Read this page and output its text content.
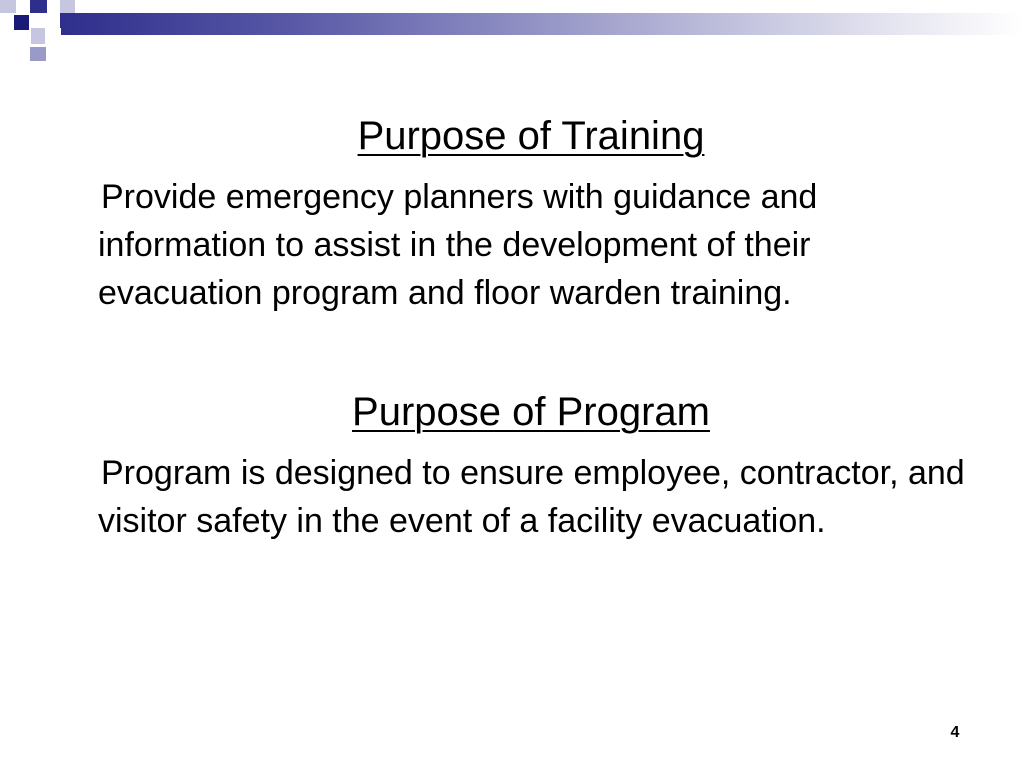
Purpose of Training

Provide emergency planners with guidance and information to assist in the development of their evacuation program and floor warden training.

Purpose of Program

Program is designed to ensure employee, contractor, and visitor safety in the event of a facility evacuation.

4
